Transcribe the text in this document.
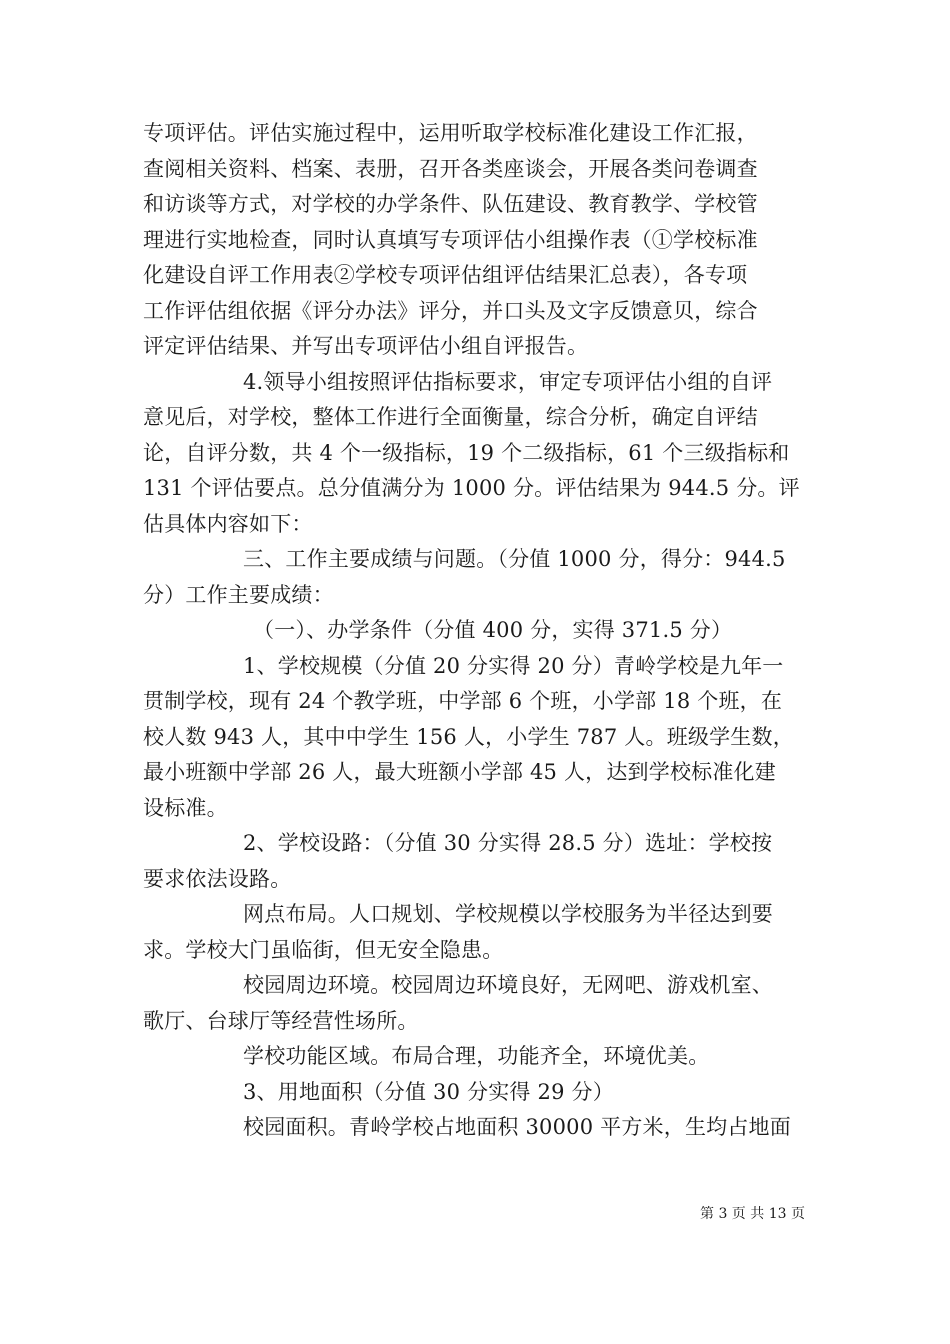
专项评估。评估实施过程中，运用听取学校标准化建设工作汇报，
查阅相关资料、档案、表册，召开各类座谈会，开展各类问卷调查
和访谈等方式，对学校的办学条件、队伍建设、教育教学、学校管
理进行实地检查，同时认真填写专项评估小组操作表（①学校标准
化建设自评工作用表②学校专项评估组评估结果汇总表），各专项
工作评估组依据《评分办法》评分，并口头及文字反馈意贝，综合
评定评估结果、并写出专项评估小组自评报告。
4.领导小组按照评估指标要求，审定专项评估小组的自评
意见后，对学校，整体工作进行全面衡量，综合分析，确定自评结
论，自评分数，共 4 个一级指标，19 个二级指标，61 个三级指标和
131 个评估要点。总分值满分为 1000 分。评估结果为 944.5 分。评
估具体内容如下：
三、工作主要成绩与问题。（分值 1000 分，得分：944.5
分）工作主要成绩：
（一）、办学条件（分值 400 分，实得 371.5 分）
1、学校规模（分值 20 分实得 20 分）青岭学校是九年一
贯制学校，现有 24 个教学班，中学部 6 个班，小学部 18 个班，在
校人数 943 人，其中中学生 156 人，小学生 787 人。班级学生数，
最小班额中学部 26 人，最大班额小学部 45 人，达到学校标准化建
设标准。
2、学校设路：（分值 30 分实得 28.5 分）选址：学校按
要求依法设路。
网点布局。人口规划、学校规模以学校服务为半径达到要
求。学校大门虽临街，但无安全隐患。
校园周边环境。校园周边环境良好，无网吧、游戏机室、
歌厅、台球厅等经营性场所。
学校功能区域。布局合理，功能齐全，环境优美。
3、用地面积（分值 30 分实得 29 分）
校园面积。青岭学校占地面积 30000 平方米，生均占地面
第 3 页 共 13 页
